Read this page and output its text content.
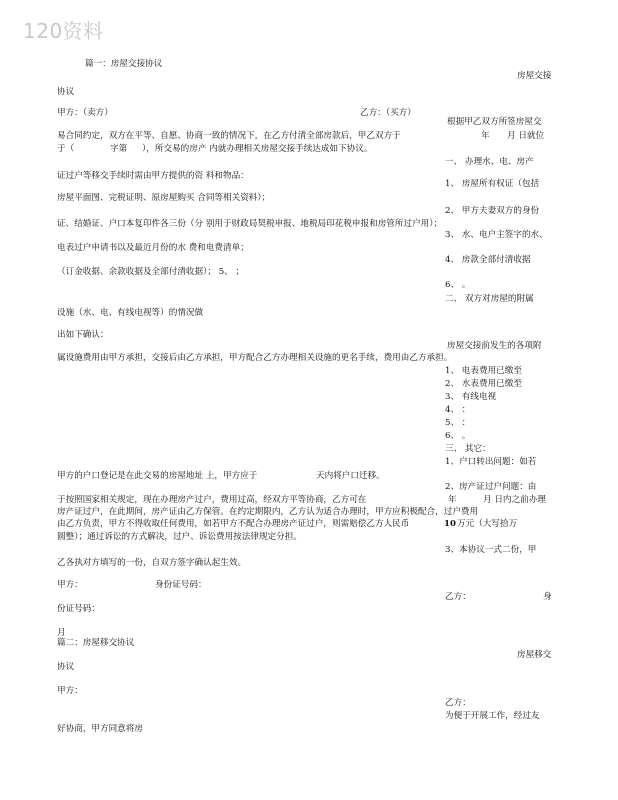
120资料
篇一：房屋交接协议
房屋交接
协议
甲方：（卖方）	乙方：（买方）
根据甲乙双方所签房屋交
易合同约定，双方在平等、自愿、协商一致的情况下，在乙方付清全部房款后，甲乙双方于	年 月 日就位
于（	字第 ），所交易的房产 内就办理相关房屋交接手续达成如下协议。
一、 办理水、电、房产
证过户等移交手续时需由甲方提供的资 料和物品：
1、 房屋所有权证（包括
房屋平面图、完税证明、原房屋购买 合同等相关资料）；
2、 甲方夫妻双方的身份
证、结婚证、户口本复印件各三份（分 别用于财政局契税申报、地税局印花税申报和房管所过户用）；
3、 水、电户主签字的水、
电表过户申请书以及最近月份的水 费和电费清单；
4、 房款全部付清收据
（订金收据、余款收据及全部付清收据）； 5、 ；
6、 。
二、 双方对房屋的附属
设施（水、电、有线电视等）的情况做
出如下确认：
房屋交接前发生的各项附
属设施费用由甲方承担，交接后由乙方承担，甲方配合乙方办理相关设施的更名手续，费用由乙方承担。
1、 电表费用已缴至
2、 水表费用已缴至
3、 有线电视
4、 ：
5、 ：
6、 。
三、 其它：
1、户口转出问题：如若
甲方的户口登记是在此交易的房屋地址 上，甲方应于	天内将户口迁移。
2、房产证过户问题：由
于按照国家相关规定，现在办理房产过户，费用过高，经双方平等协商，乙方可在	年	月 日内之前办理
房产证过户，在此期间，房产证由乙方保管。在约定期限内，乙方认为适合办理时，甲方应积极配合，过户费用
由乙方负责，甲方不得收取任何费用，如若甲方不配合办理房产证过户，则需赔偿乙方人民币	10 万元（大写拾万
圆整）；通过诉讼的方式解决，过户、诉讼费用按法律规定分担。
3、本协议一式二份，甲
乙各执对方填写的一份，自双方签字确认起生效。
甲方：	身份证号码：
乙方：	身
份证号码：
月
篇二：房屋移交协议
房屋移交
协议
甲方：
乙方：
为便于开展工作，经过友
好协商，甲方同意将房
